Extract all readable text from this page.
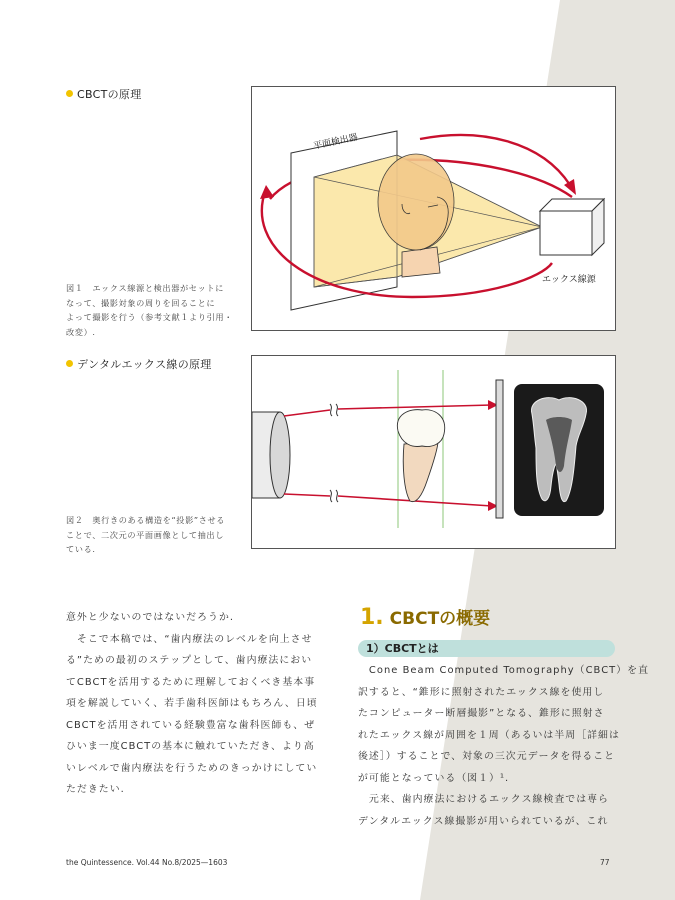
CBCTの原理
図１　エックス線源と検出器がセットに
なって、撮影対象の周りを回ることに
よって撮影を行う（参考文献１より引用・
改変）.
平面検出器
エックス線源
デンタルエックス線の原理
図２　奥行きのある構造を“投影”させる
ことで、二次元の平面画像として抽出し
ている.
意外と少ないのではないだろうか.
　そこで本稿では、“歯内療法のレベルを向上させ
る”ための最初のステップとして、歯内療法におい
てCBCTを活用するために理解しておくべき基本事
項を解説していく、若手歯科医師はもちろん、日頃
CBCTを活用されている経験豊富な歯科医師も、ぜ
ひいま一度CBCTの基本に触れていただき、より高
いレベルで歯内療法を行うためのきっかけにしてい
ただきたい.
1. CBCTの概要
1）CBCTとは
　Cone Beam Computed Tomography（CBCT）を直
訳すると、“錐形に照射されたエックス線を使用し
たコンピューター断層撮影”となる、錐形に照射さ
れたエックス線が周囲を１周（あるいは半周［詳細は
後述］）することで、対象の三次元データを得ること
が可能となっている（図１）¹.
　元来、歯内療法におけるエックス線検査では専ら
デンタルエックス線撮影が用いられているが、これ
the Quintessence. Vol.44 No.8/2025—1603	77
